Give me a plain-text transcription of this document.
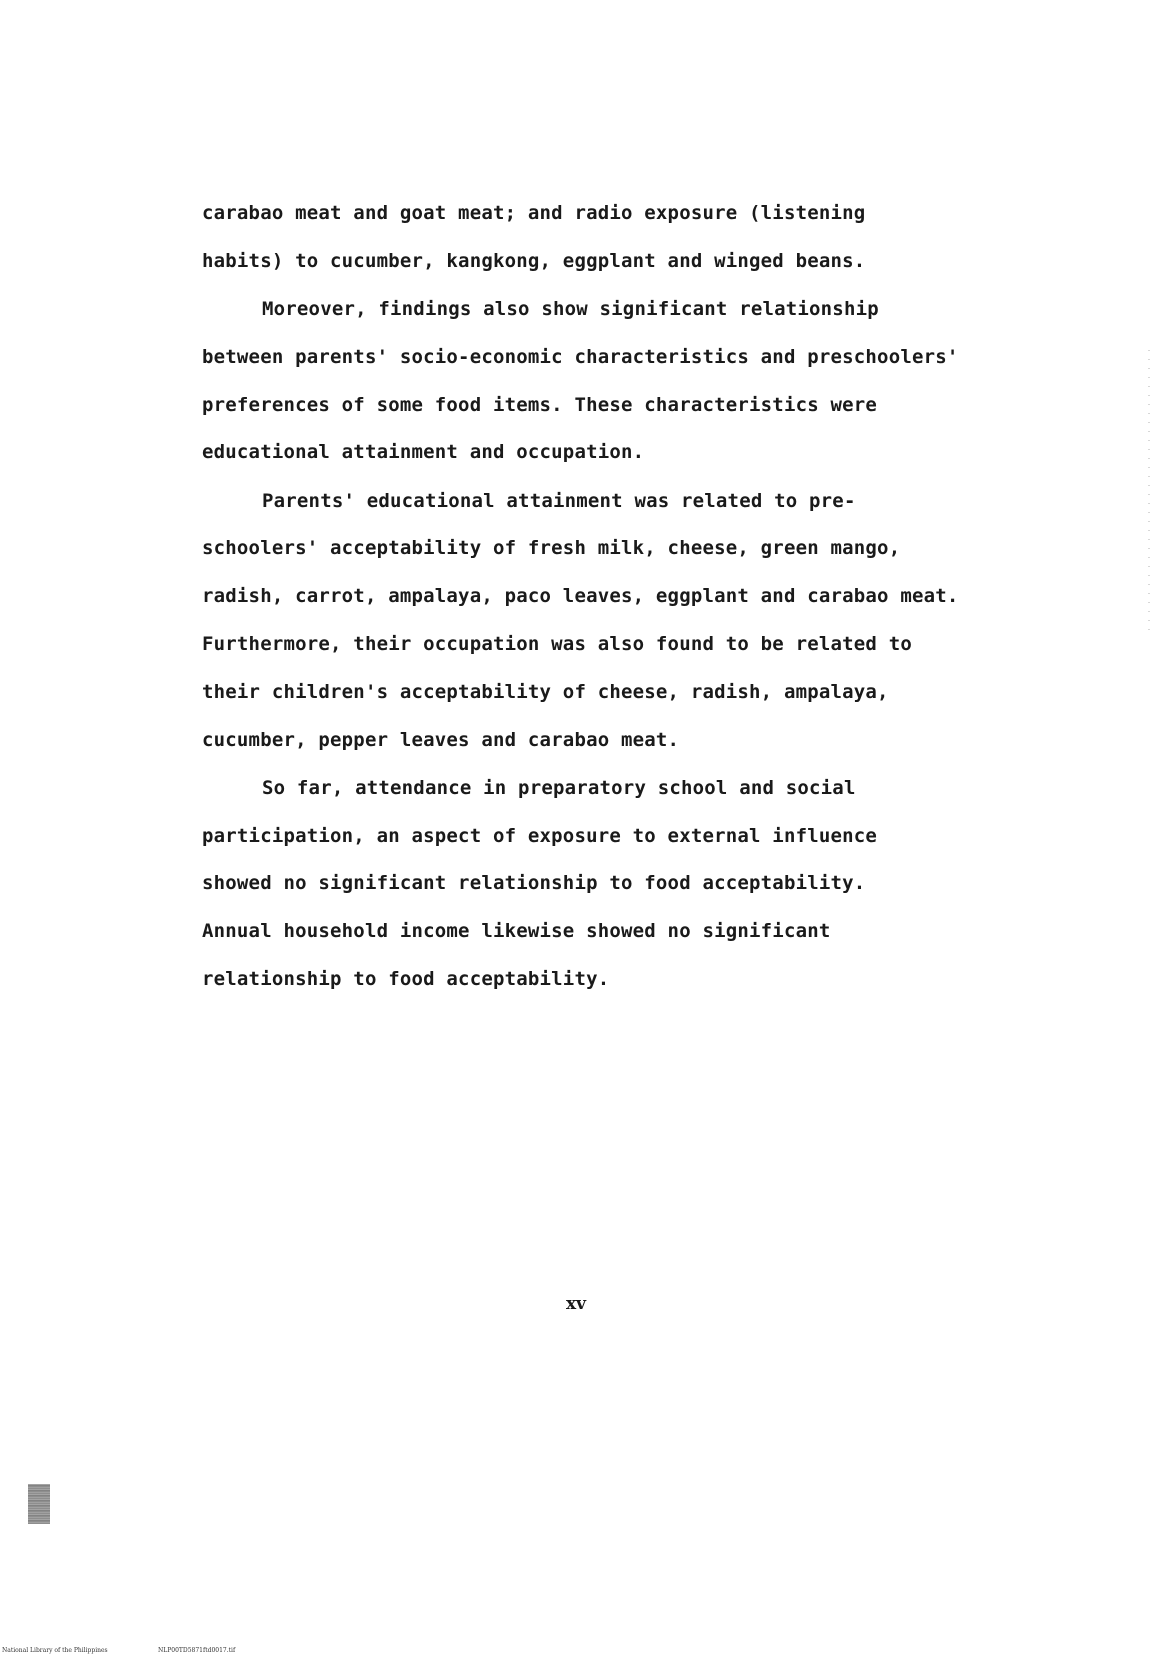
carabao meat and goat meat; and radio exposure (listening
habits) to cucumber, kangkong, eggplant and winged beans.
Moreover, findings also show significant relationship
between parents' socio-economic characteristics and preschoolers'
preferences of some food items. These characteristics were
educational attainment and occupation.
Parents' educational attainment was related to pre-
schoolers' acceptability of fresh milk, cheese, green mango,
radish, carrot, ampalaya, paco leaves, eggplant and carabao meat.
Furthermore, their occupation was also found to be related to
their children's acceptability of cheese, radish, ampalaya,
cucumber, pepper leaves and carabao meat.
So far, attendance in preparatory school and social
participation, an aspect of exposure to external influence
showed no significant relationship to food acceptability.
Annual household income likewise showed no significant
relationship to food acceptability.
xv
National Library of the Philippines	NLP00TD5871ftd0017.tif
